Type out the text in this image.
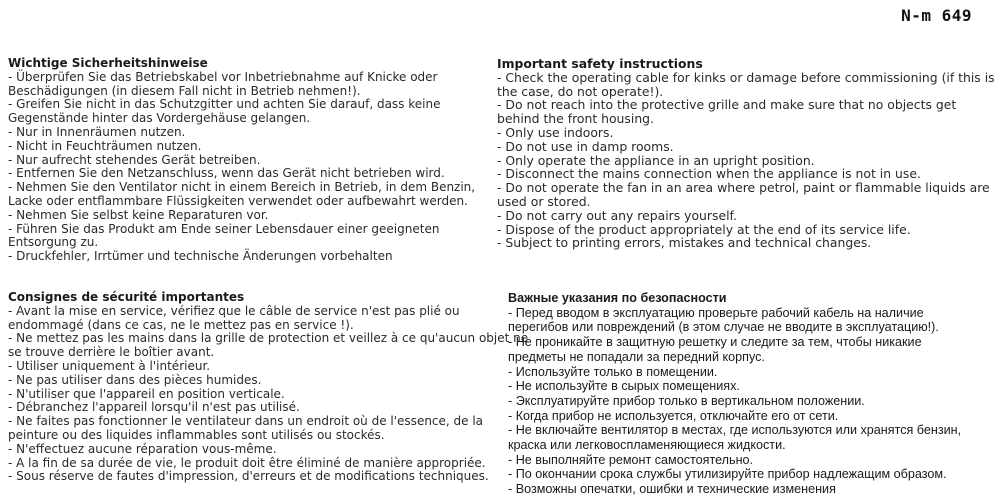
N-m 649
Wichtige Sicherheitshinweise
- Überprüfen Sie das Betriebskabel vor Inbetriebnahme auf Knicke oder
Beschädigungen (in diesem Fall nicht in Betrieb nehmen!).
- Greifen Sie nicht in das Schutzgitter und achten Sie darauf, dass keine
Gegenstände hinter das Vordergehäuse gelangen.
- Nur in Innenräumen nutzen.
- Nicht in Feuchträumen nutzen.
- Nur aufrecht stehendes Gerät betreiben.
- Entfernen Sie den Netzanschluss, wenn das Gerät nicht betrieben wird.
- Nehmen Sie den Ventilator nicht in einem Bereich in Betrieb, in dem Benzin,
Lacke oder entflammbare Flüssigkeiten verwendet oder aufbewahrt werden.
- Nehmen Sie selbst keine Reparaturen vor.
- Führen Sie das Produkt am Ende seiner Lebensdauer einer geeigneten
Entsorgung zu.
- Druckfehler, Irrtümer und technische Änderungen vorbehalten
Important safety instructions
- Check the operating cable for kinks or damage before commissioning (if this is
the case, do not operate!).
- Do not reach into the protective grille and make sure that no objects get
behind the front housing.
- Only use indoors.
- Do not use in damp rooms.
- Only operate the appliance in an upright position.
- Disconnect the mains connection when the appliance is not in use.
- Do not operate the fan in an area where petrol, paint or flammable liquids are
used or stored.
- Do not carry out any repairs yourself.
- Dispose of the product appropriately at the end of its service life.
- Subject to printing errors, mistakes and technical changes.
Consignes de sécurité importantes
- Avant la mise en service, vérifiez que le câble de service n'est pas plié ou
endommagé (dans ce cas, ne le mettez pas en service !).
- Ne mettez pas les mains dans la grille de protection et veillez à ce qu'aucun objet ne
se trouve derrière le boîtier avant.
- Utiliser uniquement à l'intérieur.
- Ne pas utiliser dans des pièces humides.
- N'utiliser que l'appareil en position verticale.
- Débranchez l'appareil lorsqu'il n'est pas utilisé.
- Ne faites pas fonctionner le ventilateur dans un endroit où de l'essence, de la
peinture ou des liquides inflammables sont utilisés ou stockés.
- N'effectuez aucune réparation vous-même.
- A la fin de sa durée de vie, le produit doit être éliminé de manière appropriée.
- Sous réserve de fautes d'impression, d'erreurs et de modifications techniques.
Важные указания по безопасности
- Перед вводом в эксплуатацию проверьте рабочий кабель на наличие
перегибов или повреждений (в этом случае не вводите в эксплуатацию!).
- Не проникайте в защитную решетку и следите за тем, чтобы никакие
предметы не попадали за передний корпус.
- Используйте только в помещении.
- Не используйте в сырых помещениях.
- Эксплуатируйте прибор только в вертикальном положении.
- Когда прибор не используется, отключайте его от сети.
- Не включайте вентилятор в местах, где используются или хранятся бензин,
краска или легковоспламеняющиеся жидкости.
- Не выполняйте ремонт самостоятельно.
- По окончании срока службы утилизируйте прибор надлежащим образом.
- Возможны опечатки, ошибки и технические изменения
